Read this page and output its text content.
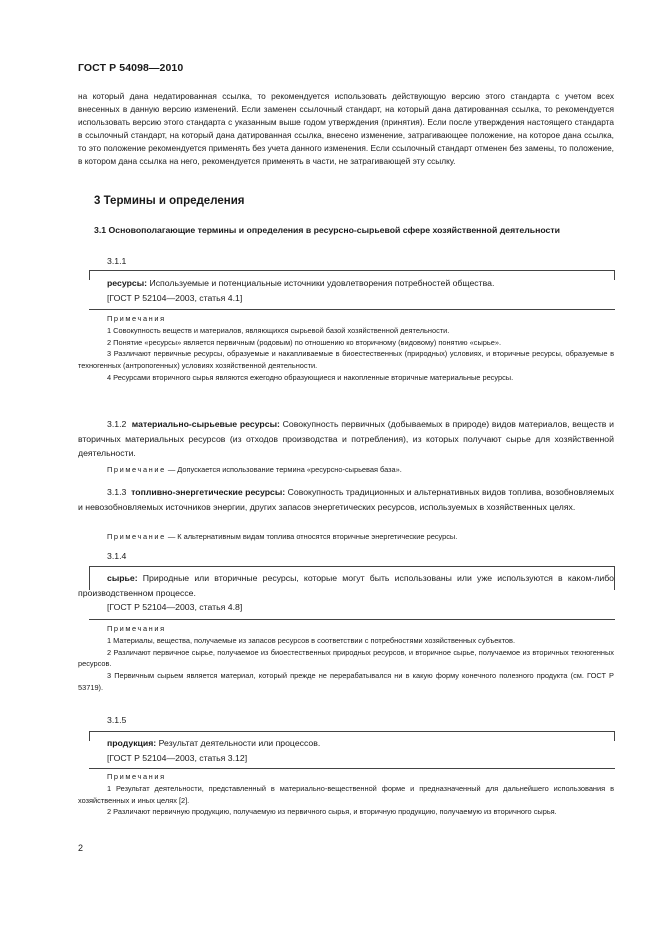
ГОСТ Р 54098—2010

на который дана недатированная ссылка, то рекомендуется использовать действующую версию этого стандарта с учетом всех внесенных в данную версию изменений. Если заменен ссылочный стандарт, на который дана датированная ссылка, то рекомендуется использовать версию этого стандарта с указанным выше годом утверждения (принятия). Если после утверждения настоящего стандарта в ссылочный стандарт, на который дана датированная ссылка, внесено изменение, затрагивающее положение, на которое дана ссылка, то это положение рекомендуется применять без учета данного изменения. Если ссылочный стандарт отменен без замены, то положение, в котором дана ссылка на него, рекомендуется применять в части, не затрагивающей эту ссылку.

3 Термины и определения
3.1 Основополагающие термины и определения в ресурсно-сырьевой сфере хозяйственной деятельности
3.1.1
ресурсы: Используемые и потенциальные источники удовлетворения потребностей общества.
[ГОСТ Р 52104—2003, статья 4.1]
Примечания
1 Совокупность веществ и материалов, являющихся сырьевой базой хозяйственной деятельности.
2 Понятие «ресурсы» является первичным (родовым) по отношению ко вторичному (видовому) понятию «сырье».
3 Различают первичные ресурсы, образуемые и накапливаемые в биоестественных (природных) условиях, и вторичные ресурсы, образуемые в техногенных (антропогенных) условиях хозяйственной деятельности.
4 Ресурсами вторичного сырья являются ежегодно образующиеся и накопленные вторичные материальные ресурсы.
3.1.2 материально-сырьевые ресурсы: Совокупность первичных (добываемых в природе) видов материалов, веществ и вторичных материальных ресурсов (из отходов производства и потребления), из которых получают сырье для хозяйственной деятельности.
Примечание — Допускается использование термина «ресурсно-сырьевая база».
3.1.3 топливно-энергетические ресурсы: Совокупность традиционных и альтернативных видов топлива, возобновляемых и невозобновляемых источников энергии, других запасов энергетических ресурсов, используемых в хозяйственных целях.
Примечание — К альтернативным видам топлива относятся вторичные энергетические ресурсы.
3.1.4
сырье: Природные или вторичные ресурсы, которые могут быть использованы или уже используются в каком-либо производственном процессе.
[ГОСТ Р 52104—2003, статья 4.8]
Примечания
1 Материалы, вещества, получаемые из запасов ресурсов в соответствии с потребностями хозяйственных субъектов.
2 Различают первичное сырье, получаемое из биоестественных природных ресурсов, и вторичное сырье, получаемое из вторичных техногенных ресурсов.
3 Первичным сырьем является материал, который прежде не перерабатывался ни в какую форму конечного полезного продукта (см. ГОСТ Р 53719).
3.1.5
продукция: Результат деятельности или процессов.
[ГОСТ Р 52104—2003, статья 3.12]
Примечания
1 Результат деятельности, представленный в материально-вещественной форме и предназначенный для дальнейшего использования в хозяйственных и иных целях [2].
2 Различают первичную продукцию, получаемую из первичного сырья, и вторичную продукцию, получаемую из вторичного сырья.
2
